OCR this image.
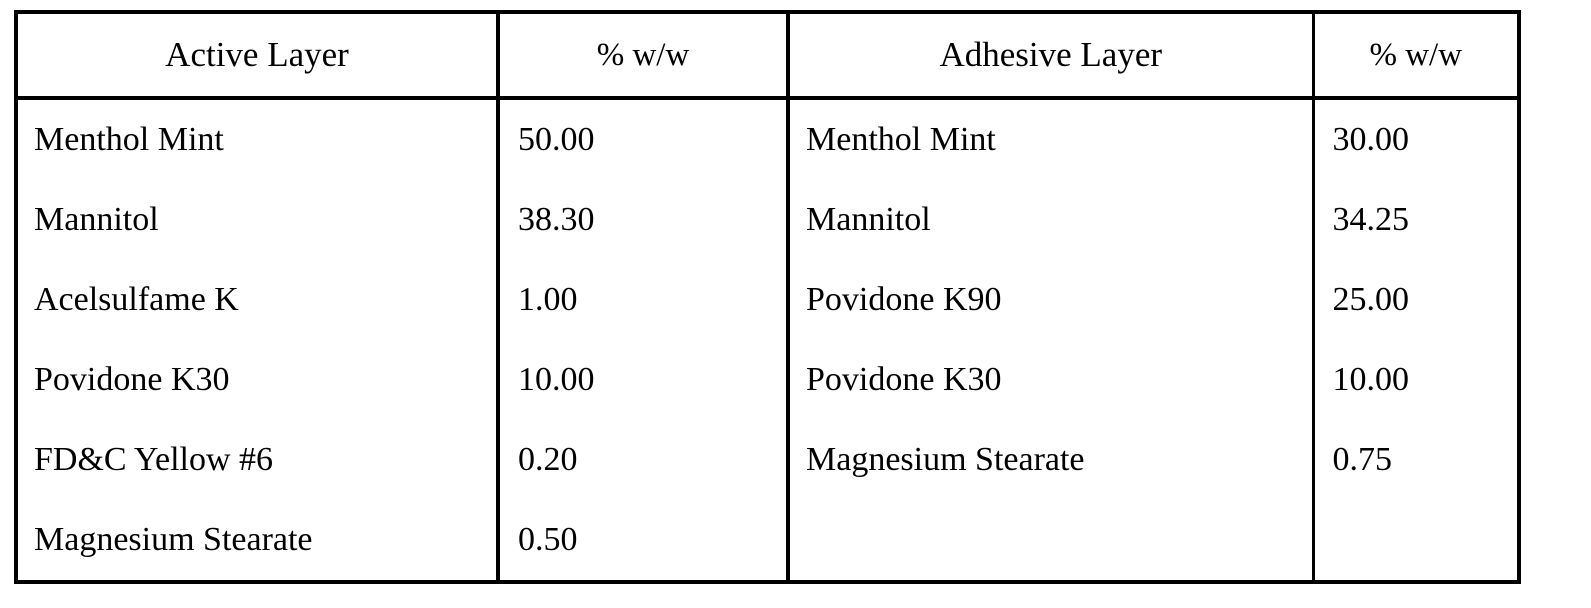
Active Layer	% w/w	Adhesive Layer	% w/w

Menthol Mint	50.00	Menthol Mint	30.00

Mannitol	38.30	Mannitol	34.25

Acelsulfame K	1.00	Povidone K90	25.00

Povidone K30	10.00	Povidone K30	10.00

FD&C Yellow #6	0.20	Magnesium Stearate	0.75

Magnesium Stearate	0.50		
